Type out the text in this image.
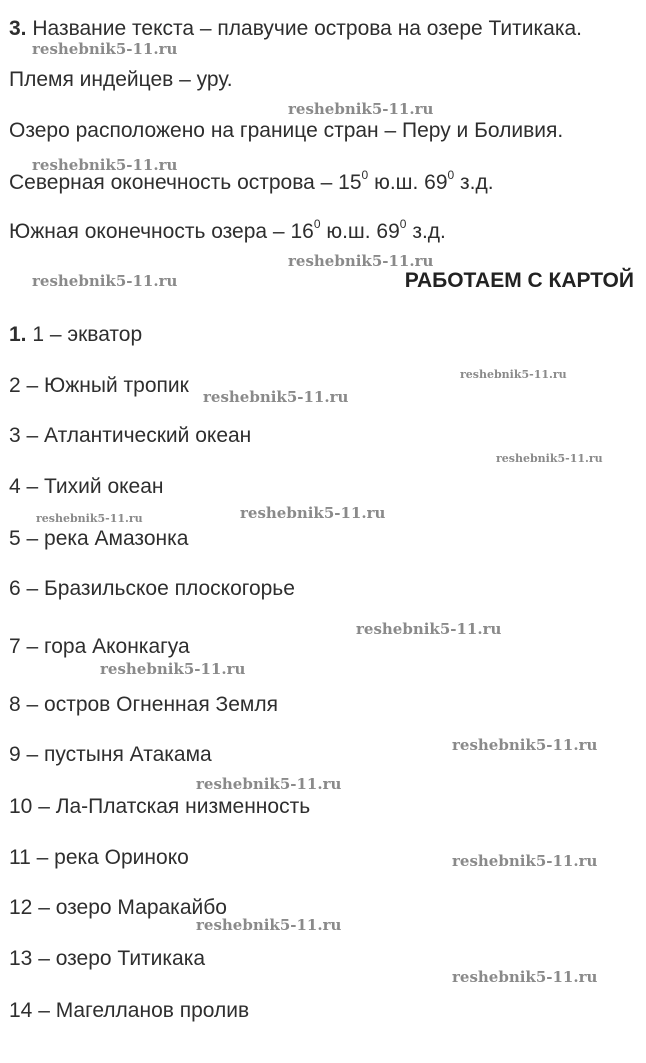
3. Название текста – плавучие острова на озере Титикака.
Племя индейцев – уру.
Озеро расположено на границе стран – Перу и Боливия.
Северная оконечность острова – $15^0$ ю.ш. $69^0$ з.д.
Южная оконечность озера – $16^0$ ю.ш. $69^0$ з.д.
РАБОТАЕМ С КАРТОЙ
1. 1 – экватор
2 – Южный тропик
3 – Атлантический океан
4 – Тихий океан
5 – река Амазонка
6 – Бразильское плоскогорье
7 – гора Аконкагуа
8 – остров Огненная Земля
9 – пустыня Атакама
10 – Ла-Платская низменность
11 – река Ориноко
12 – озеро Маракайбо
13 – озеро Титикака
14 – Магелланов пролив
reshebnik5-11.ru
reshebnik5-11.ru
reshebnik5-11.ru
reshebnik5-11.ru
reshebnik5-11.ru
reshebnik5-11.ru
reshebnik5-11.ru
reshebnik5-11.ru
reshebnik5-11.ru	reshebnik5-11.ru
reshebnik5-11.ru
reshebnik5-11.ru
reshebnik5-11.ru
reshebnik5-11.ru
reshebnik5-11.ru
reshebnik5-11.ru
reshebnik5-11.ru
